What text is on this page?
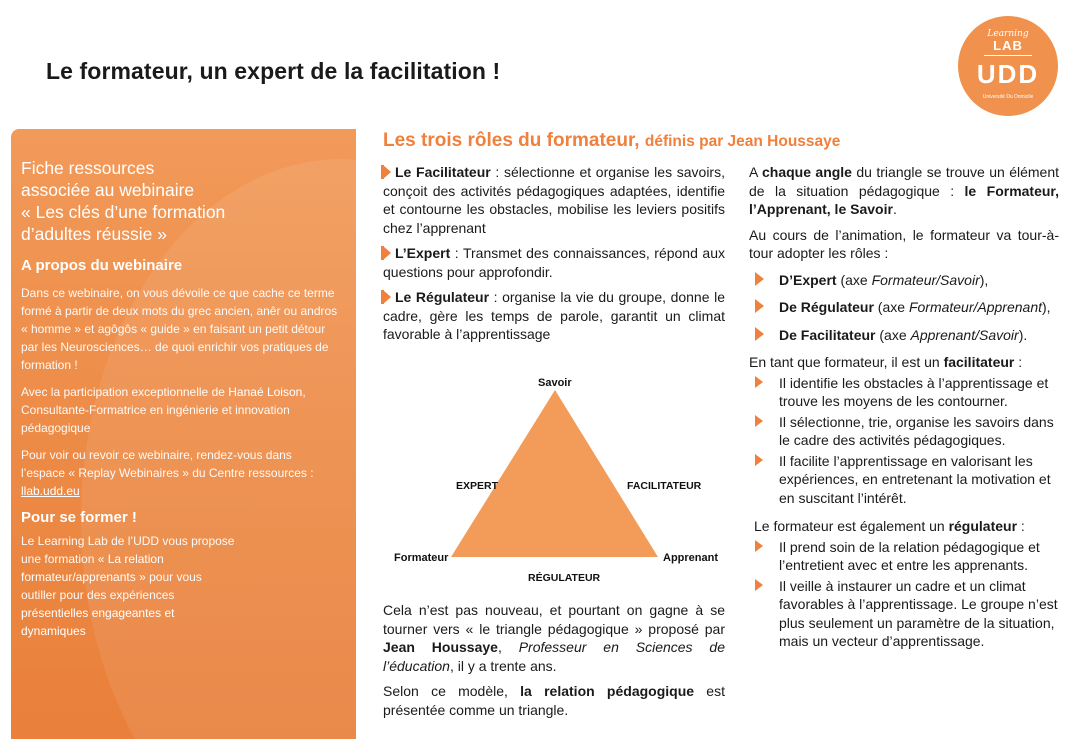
Le formateur, un expert de la facilitation !
Learning
LAB
UDD
Université Du Domicile
Fiche ressources
associée au webinaire
« Les clés d’une formation
d’adultes réussie »
A propos du webinaire

Dans ce webinaire, on vous dévoile ce que cache ce terme formé à partir de deux mots du grec ancien, anêr ou andros « homme » et agôgôs « guide » en faisant un petit détour par les Neurosciences… de quoi enrichir vos pratiques de formation !

Avec la participation exceptionnelle de Hanaé Loison, Consultante-Formatrice en ingénierie et innovation pédagogique

Pour voir ou revoir ce webinaire, rendez-vous dans l’espace « Replay Webinaires » du Centre ressources : llab.udd.eu

Pour se former !

Le Learning Lab de l’UDD vous propose une formation « La relation formateur/apprenants » pour vous outiller pour des expériences présentielles engageantes et dynamiques

Les trois rôles du formateur, définis par Jean Houssaye

Le Facilitateur : sélectionne et organise les savoirs, conçoit des activités pédagogiques adaptées, identifie et contourne les obstacles, mobilise les leviers positifs chez l’apprenant

L’Expert : Transmet des connaissances, répond aux questions pour approfondir.

Le Régulateur : organise la vie du groupe, donne le cadre, gère les temps de parole, garantit un climat favorable à l’apprentissage

Savoir
Formateur	Apprenant
EXPERT	FACILITATEUR
RÉGULATEUR

Cela n’est pas nouveau, et pourtant on gagne à se tourner vers « le triangle pédagogique » proposé par Jean Houssaye, Professeur en Sciences de l’éducation, il y a trente ans.

Selon ce modèle, la relation pédagogique est présentée comme un triangle.

A chaque angle du triangle se trouve un élément de la situation pédagogique : le Formateur, l’Apprenant, le Savoir.

Au cours de l’animation, le formateur va tour-à-tour adopter les rôles :

D’Expert (axe Formateur/Savoir),
De Régulateur (axe Formateur/Apprenant),
De Facilitateur (axe Apprenant/Savoir).

En tant que formateur, il est un facilitateur :

Il identifie les obstacles à l’apprentissage et trouve les moyens de les contourner.
Il sélectionne, trie, organise les savoirs dans le cadre des activités pédagogiques.
Il facilite l’apprentissage en valorisant les expériences, en entretenant la motivation et en suscitant l’intérêt.

Le formateur est également un régulateur :

Il prend soin de la relation pédagogique et l’entretient avec et entre les apprenants.
Il veille à instaurer un cadre et un climat favorables à l’apprentissage. Le groupe n’est plus seulement un paramètre de la situation, mais un vecteur d’apprentissage.
